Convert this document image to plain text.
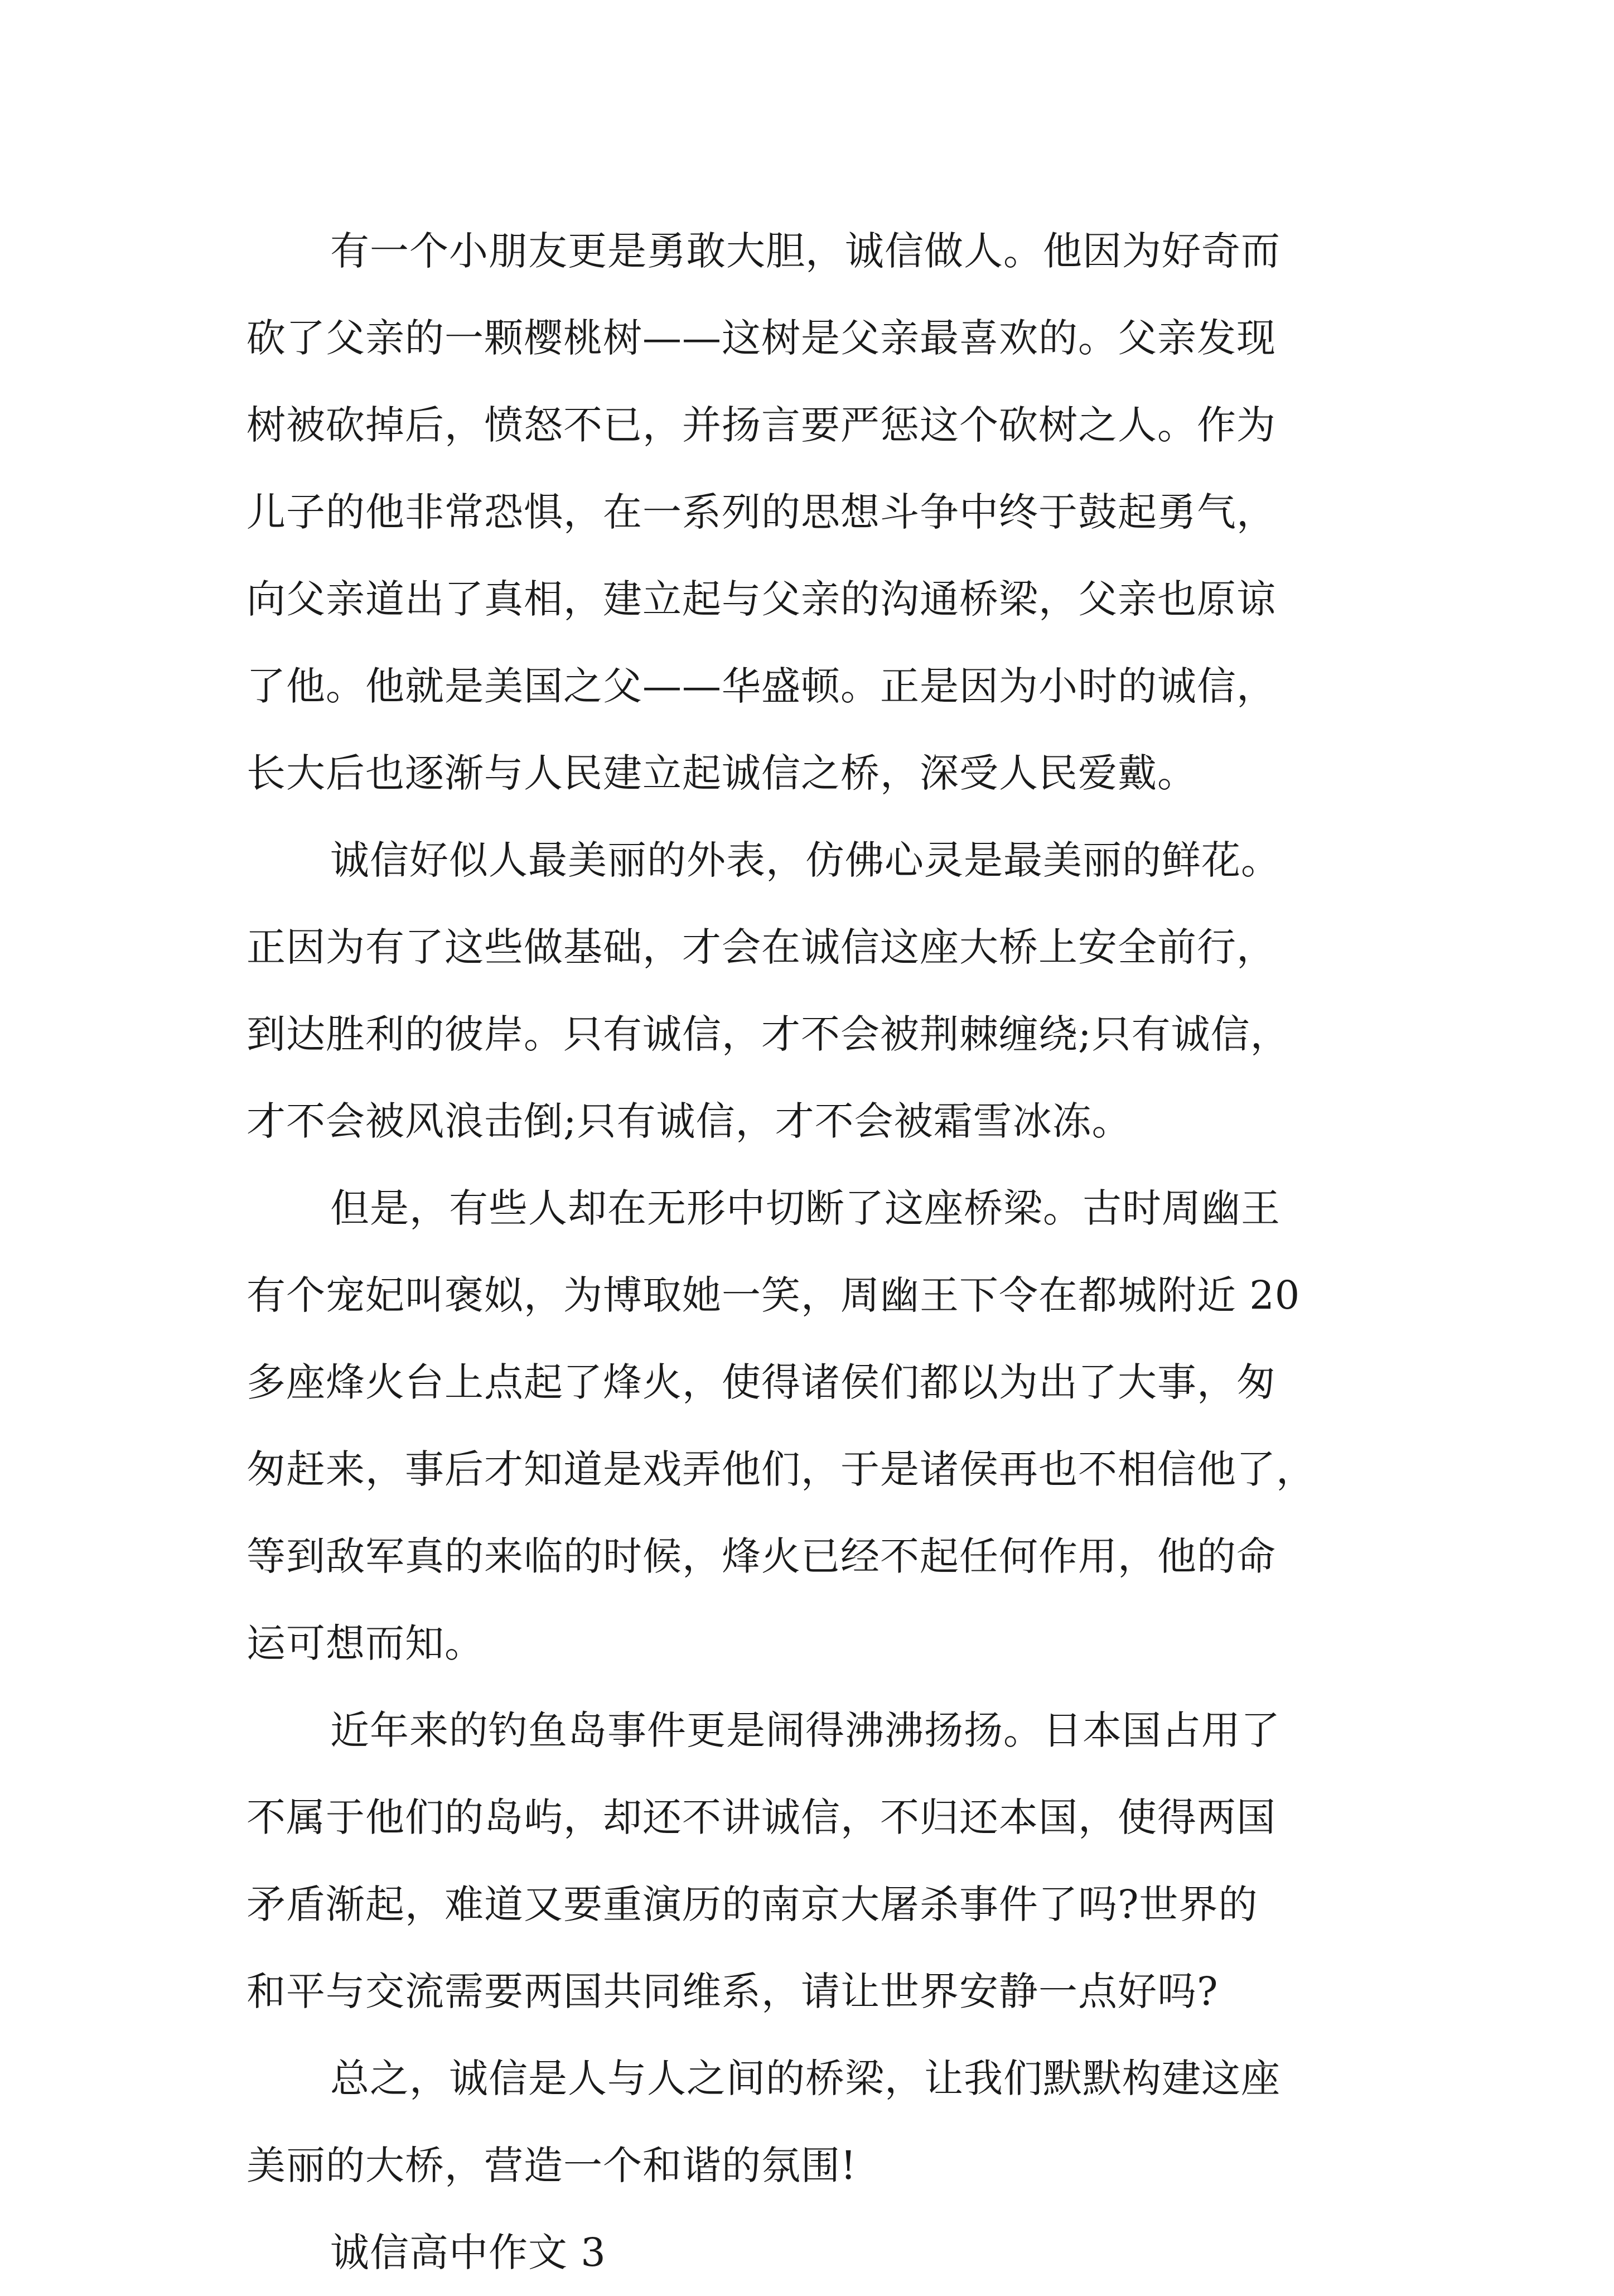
有一个小朋友更是勇敢大胆，诚信做人。他因为好奇而
砍了父亲的一颗樱桃树——这树是父亲最喜欢的。父亲发现
树被砍掉后，愤怒不已，并扬言要严惩这个砍树之人。作为
儿子的他非常恐惧，在一系列的思想斗争中终于鼓起勇气，
向父亲道出了真相，建立起与父亲的沟通桥梁，父亲也原谅
了他。他就是美国之父——华盛顿。正是因为小时的诚信，
长大后也逐渐与人民建立起诚信之桥，深受人民爱戴。

诚信好似人最美丽的外表，仿佛心灵是最美丽的鲜花。
正因为有了这些做基础，才会在诚信这座大桥上安全前行，
到达胜利的彼岸。只有诚信，才不会被荆棘缠绕;只有诚信，
才不会被风浪击倒;只有诚信，才不会被霜雪冰冻。

但是，有些人却在无形中切断了这座桥梁。古时周幽王
有个宠妃叫褒姒，为博取她一笑，周幽王下令在都城附近 20
多座烽火台上点起了烽火，使得诸侯们都以为出了大事，匆
匆赶来，事后才知道是戏弄他们，于是诸侯再也不相信他了，
等到敌军真的来临的时候，烽火已经不起任何作用，他的命
运可想而知。

近年来的钓鱼岛事件更是闹得沸沸扬扬。日本国占用了
不属于他们的岛屿，却还不讲诚信，不归还本国，使得两国
矛盾渐起，难道又要重演历的南京大屠杀事件了吗?世界的
和平与交流需要两国共同维系，请让世界安静一点好吗?

总之，诚信是人与人之间的桥梁，让我们默默构建这座
美丽的大桥，营造一个和谐的氛围!

诚信高中作文 3
